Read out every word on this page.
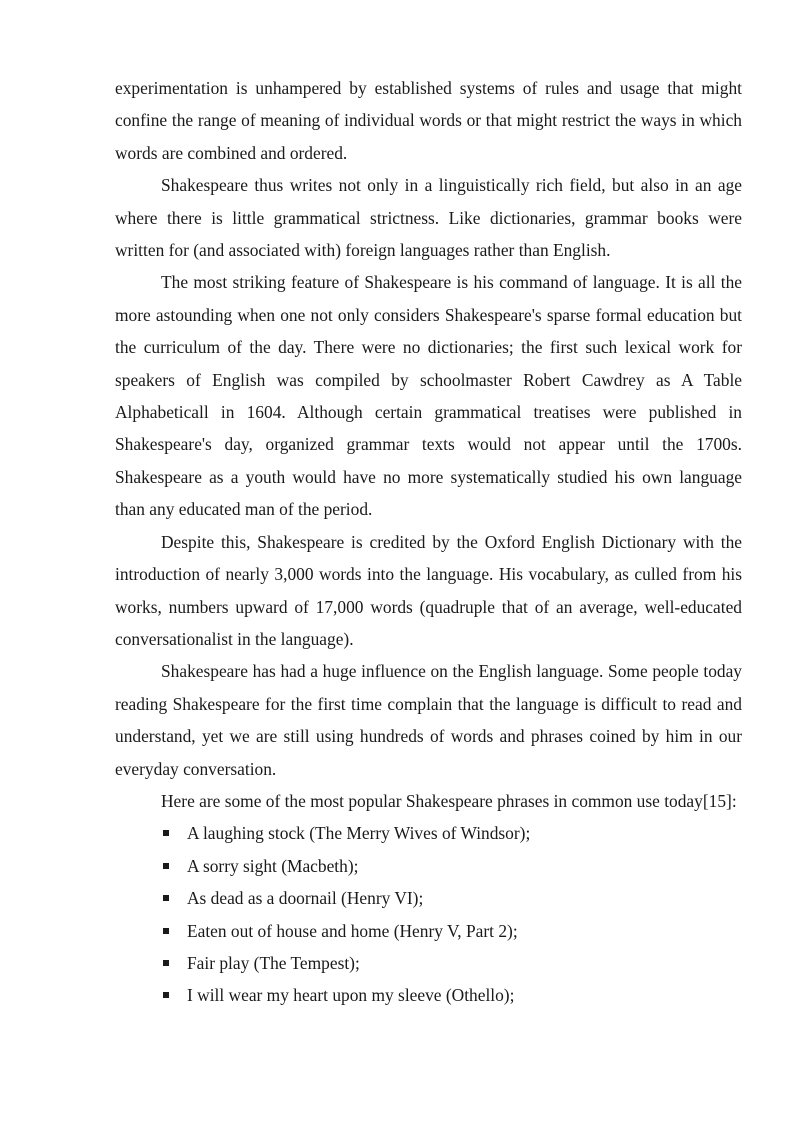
experimentation is unhampered by established systems of rules and usage that might confine the range of meaning of individual words or that might restrict the ways in which words are combined and ordered.

Shakespeare thus writes not only in a linguistically rich field, but also in an age where there is little grammatical strictness. Like dictionaries, grammar books were written for (and associated with) foreign languages rather than English.

The most striking feature of Shakespeare is his command of language. It is all the more astounding when one not only considers Shakespeare's sparse formal education but the curriculum of the day. There were no dictionaries; the first such lexical work for speakers of English was compiled by schoolmaster Robert Cawdrey as A Table Alphabeticall in 1604. Although certain grammatical treatises were published in Shakespeare's day, organized grammar texts would not appear until the 1700s. Shakespeare as a youth would have no more systematically studied his own language than any educated man of the period.

Despite this, Shakespeare is credited by the Oxford English Dictionary with the introduction of nearly 3,000 words into the language. His vocabulary, as culled from his works, numbers upward of 17,000 words (quadruple that of an average, well-educated conversationalist in the language).

Shakespeare has had a huge influence on the English language. Some people today reading Shakespeare for the first time complain that the language is difficult to read and understand, yet we are still using hundreds of words and phrases coined by him in our everyday conversation.

Here are some of the most popular Shakespeare phrases in common use today[15]:

A laughing stock (The Merry Wives of Windsor);
A sorry sight (Macbeth);
As dead as a doornail (Henry VI);
Eaten out of house and home (Henry V, Part 2);
Fair play (The Tempest);
I will wear my heart upon my sleeve (Othello);
